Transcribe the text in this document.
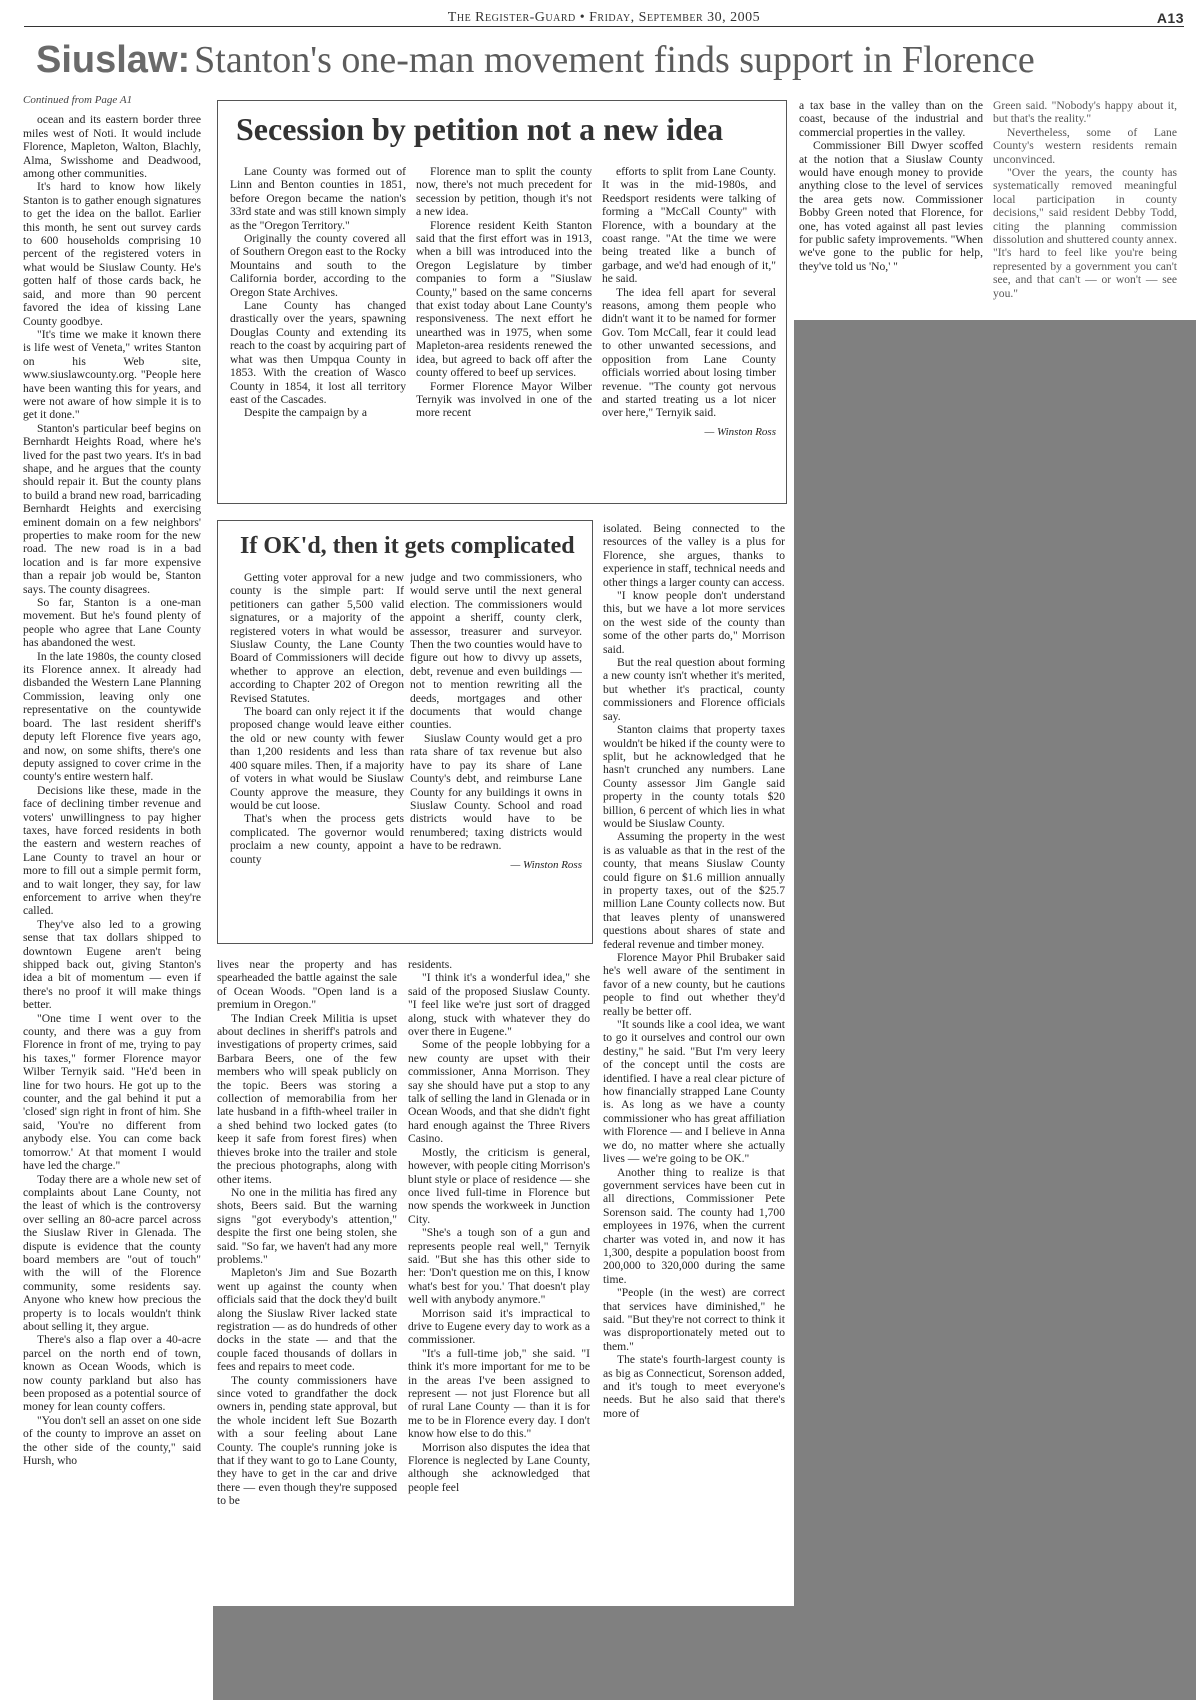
The Register-Guard • Friday, September 30, 2005	A13
Siuslaw: Stanton's one-man movement finds support in Florence

Continued from Page A1

ocean and its eastern border three miles west of Noti. It would include Florence, Mapleton, Walton, Blachly, Alma, Swisshome and Deadwood, among other communities.

It's hard to know how likely Stanton is to gather enough signatures to get the idea on the ballot. Earlier this month, he sent out survey cards to 600 households comprising 10 percent of the registered voters in what would be Siuslaw County. He's gotten half of those cards back, he said, and more than 90 percent favored the idea of kissing Lane County goodbye.

"It's time we make it known there is life west of Veneta," writes Stanton on his Web site, www.siuslawcounty.org. "People here have been wanting this for years, and were not aware of how simple it is to get it done."

Stanton's particular beef begins on Bernhardt Heights Road, where he's lived for the past two years. It's in bad shape, and he argues that the county should repair it. But the county plans to build a brand new road, barricading Bernhardt Heights and exercising eminent domain on a few neighbors' properties to make room for the new road. The new road is in a bad location and is far more expensive than a repair job would be, Stanton says. The county disagrees.

So far, Stanton is a one-man movement. But he's found plenty of people who agree that Lane County has abandoned the west.

In the late 1980s, the county closed its Florence annex. It already had disbanded the Western Lane Planning Commission, leaving only one representative on the countywide board. The last resident sheriff's deputy left Florence five years ago, and now, on some shifts, there's one deputy assigned to cover crime in the county's entire western half.

Decisions like these, made in the face of declining timber revenue and voters' unwillingness to pay higher taxes, have forced residents in both the eastern and western reaches of Lane County to travel an hour or more to fill out a simple permit form, and to wait longer, they say, for law enforcement to arrive when they're called.

They've also led to a growing sense that tax dollars shipped to downtown Eugene aren't being shipped back out, giving Stanton's idea a bit of momentum — even if there's no proof it will make things better.

"One time I went over to the county, and there was a guy from Florence in front of me, trying to pay his taxes," former Florence mayor Wilber Ternyik said. "He'd been in line for two hours. He got up to the counter, and the gal behind it put a 'closed' sign right in front of him. She said, 'You're no different from anybody else. You can come back tomorrow.' At that moment I would have led the charge."

Today there are a whole new set of complaints about Lane County, not the least of which is the controversy over selling an 80-acre parcel across the Siuslaw River in Glenada. The dispute is evidence that the county board members are "out of touch" with the will of the Florence community, some residents say. Anyone who knew how precious the property is to locals wouldn't think about selling it, they argue.

There's also a flap over a 40-acre parcel on the north end of town, known as Ocean Woods, which is now county parkland but also has been proposed as a potential source of money for lean county coffers.

"You don't sell an asset on one side of the county to improve an asset on the other side of the county," said Hursh, who

Secession by petition not a new idea

Lane County was formed out of Linn and Benton counties in 1851, before Oregon became the nation's 33rd state and was still known simply as the "Oregon Territory."

Originally the county covered all of Southern Oregon east to the Rocky Mountains and south to the California border, according to the Oregon State Archives.

Lane County has changed drastically over the years, spawning Douglas County and extending its reach to the coast by acquiring part of what was then Umpqua County in 1853. With the creation of Wasco County in 1854, it lost all territory east of the Cascades.

Despite the campaign by a

Florence man to split the county now, there's not much precedent for secession by petition, though it's not a new idea.

Florence resident Keith Stanton said that the first effort was in 1913, when a bill was introduced into the Oregon Legislature by timber companies to form a "Siuslaw County," based on the same concerns that exist today about Lane County's responsiveness. The next effort he unearthed was in 1975, when some Mapleton-area residents renewed the idea, but agreed to back off after the county offered to beef up services.

Former Florence Mayor Wilber Ternyik was involved in one of the more recent

efforts to split from Lane County. It was in the mid-1980s, and Reedsport residents were talking of forming a "McCall County" with Florence, with a boundary at the coast range. "At the time we were being treated like a bunch of garbage, and we'd had enough of it," he said.

The idea fell apart for several reasons, among them people who didn't want it to be named for former Gov. Tom McCall, fear it could lead to other unwanted secessions, and opposition from Lane County officials worried about losing timber revenue. "The county got nervous and started treating us a lot nicer over here," Ternyik said.

— Winston Ross

a tax base in the valley than on the coast, because of the industrial and commercial properties in the valley.

Commissioner Bill Dwyer scoffed at the notion that a Siuslaw County would have enough money to provide anything close to the level of services the area gets now. Commissioner Bobby Green noted that Florence, for one, has voted against all past levies for public safety improvements. "When we've gone to the public for help, they've told us 'No,' "

Green said. "Nobody's happy about it, but that's the reality."

Nevertheless, some of Lane County's western residents remain unconvinced.

"Over the years, the county has systematically removed meaningful local participation in county decisions," said resident Debby Todd, citing the planning commission dissolution and shuttered county annex. "It's hard to feel like you're being represented by a government you can't see, and that can't — or won't — see you."

If OK'd, then it gets complicated

Getting voter approval for a new county is the simple part: If petitioners can gather 5,500 valid signatures, or a majority of the registered voters in what would be Siuslaw County, the Lane County Board of Commissioners will decide whether to approve an election, according to Chapter 202 of Oregon Revised Statutes.

The board can only reject it if the proposed change would leave either the old or new county with fewer than 1,200 residents and less than 400 square miles. Then, if a majority of voters in what would be Siuslaw County approve the measure, they would be cut loose.

That's when the process gets complicated. The governor would proclaim a new county, appoint a county

judge and two commissioners, who would serve until the next general election. The commissioners would appoint a sheriff, county clerk, assessor, treasurer and surveyor. Then the two counties would have to figure out how to divvy up assets, debt, revenue and even buildings — not to mention rewriting all the deeds, mortgages and other documents that would change counties.

Siuslaw County would get a pro rata share of tax revenue but also have to pay its share of Lane County's debt, and reimburse Lane County for any buildings it owns in Siuslaw County. School and road districts would have to be renumbered; taxing districts would have to be redrawn.

— Winston Ross

isolated. Being connected to the resources of the valley is a plus for Florence, she argues, thanks to experience in staff, technical needs and other things a larger county can access.

"I know people don't understand this, but we have a lot more services on the west side of the county than some of the other parts do," Morrison said.

But the real question about forming a new county isn't whether it's merited, but whether it's practical, county commissioners and Florence officials say.

Stanton claims that property taxes wouldn't be hiked if the county were to split, but he acknowledged that he hasn't crunched any numbers. Lane County assessor Jim Gangle said property in the county totals $20 billion, 6 percent of which lies in what would be Siuslaw County.

Assuming the property in the west is as valuable as that in the rest of the county, that means Siuslaw County could figure on $1.6 million annually in property taxes, out of the $25.7 million Lane County collects now. But that leaves plenty of unanswered questions about shares of state and federal revenue and timber money.

Florence Mayor Phil Brubaker said he's well aware of the sentiment in favor of a new county, but he cautions people to find out whether they'd really be better off.

"It sounds like a cool idea, we want to go it ourselves and control our own destiny," he said. "But I'm very leery of the concept until the costs are identified. I have a real clear picture of how financially strapped Lane County is. As long as we have a county commissioner who has great affiliation with Florence — and I believe in Anna we do, no matter where she actually lives — we're going to be OK."

Another thing to realize is that government services have been cut in all directions, Commissioner Pete Sorenson said. The county had 1,700 employees in 1976, when the current charter was voted in, and now it has 1,300, despite a population boost from 200,000 to 320,000 during the same time.

"People (in the west) are correct that services have diminished," he said. "But they're not correct to think it was disproportionately meted out to them."

The state's fourth-largest county is as big as Connecticut, Sorenson added, and it's tough to meet everyone's needs. But he also said that there's more of

lives near the property and has spearheaded the battle against the sale of Ocean Woods. "Open land is a premium in Oregon."

The Indian Creek Militia is upset about declines in sheriff's patrols and investigations of property crimes, said Barbara Beers, one of the few members who will speak publicly on the topic. Beers was storing a collection of memorabilia from her late husband in a fifth-wheel trailer in a shed behind two locked gates (to keep it safe from forest fires) when thieves broke into the trailer and stole the precious photographs, along with other items.

No one in the militia has fired any shots, Beers said. But the warning signs "got everybody's attention," despite the first one being stolen, she said. "So far, we haven't had any more problems."

Mapleton's Jim and Sue Bozarth went up against the county when officials said that the dock they'd built along the Siuslaw River lacked state registration — as do hundreds of other docks in the state — and that the couple faced thousands of dollars in fees and repairs to meet code.

The county commissioners have since voted to grandfather the dock owners in, pending state approval, but the whole incident left Sue Bozarth with a sour feeling about Lane County. The couple's running joke is that if they want to go to Lane County, they have to get in the car and drive there — even though they're supposed to be

residents.

"I think it's a wonderful idea," she said of the proposed Siuslaw County. "I feel like we're just sort of dragged along, stuck with whatever they do over there in Eugene."

Some of the people lobbying for a new county are upset with their commissioner, Anna Morrison. They say she should have put a stop to any talk of selling the land in Glenada or in Ocean Woods, and that she didn't fight hard enough against the Three Rivers Casino.

Mostly, the criticism is general, however, with people citing Morrison's blunt style or place of residence — she once lived full-time in Florence but now spends the workweek in Junction City.

"She's a tough son of a gun and represents people real well," Ternyik said. "But she has this other side to her: 'Don't question me on this, I know what's best for you.' That doesn't play well with anybody anymore."

Morrison said it's impractical to drive to Eugene every day to work as a commissioner.

"It's a full-time job," she said. "I think it's more important for me to be in the areas I've been assigned to represent — not just Florence but all of rural Lane County — than it is for me to be in Florence every day. I don't know how else to do this."

Morrison also disputes the idea that Florence is neglected by Lane County, although she acknowledged that people feel
